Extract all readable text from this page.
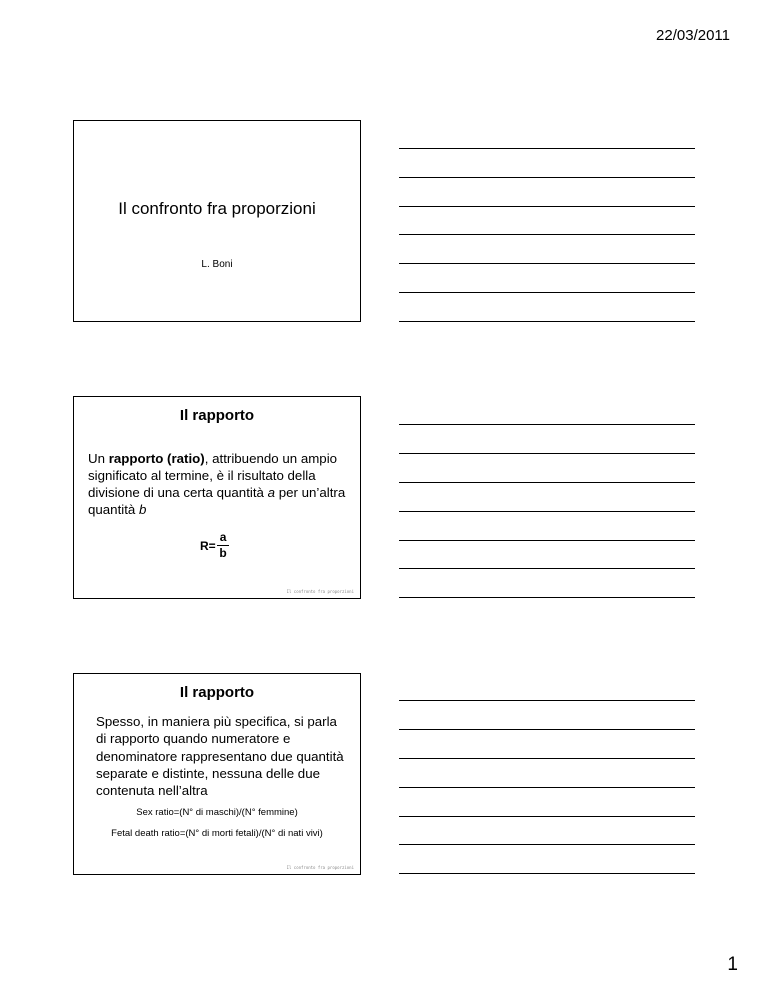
22/03/2011
Il confronto fra proporzioni
L. Boni
Il rapporto
Un rapporto (ratio), attribuendo un ampio significato al termine, è il risultato della divisione di una certa quantità a per un’altra quantità b
$R= \frac{a}{b}$
Il confronto fra proporzioni
Il rapporto
Spesso, in maniera più specifica, si parla di rapporto quando numeratore e denominatore rappresentano due quantità separate e distinte, nessuna delle due contenuta nell’altra
Sex ratio=(N° di maschi)/(N° femmine)
Fetal death ratio=(N° di morti fetali)/(N° di nati vivi)
Il confronto fra proporzioni
1
